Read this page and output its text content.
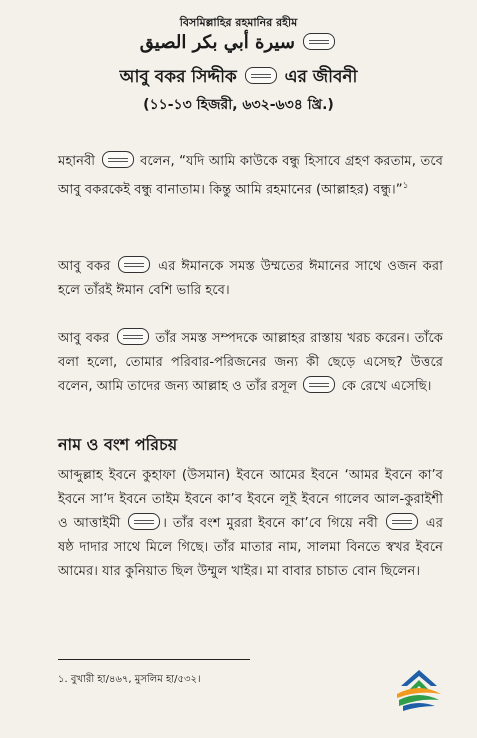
বিসমিল্লাহির রহমানির রহীম
سيرة أبي بكر الصيق
আবু বকর সিদ্দীক	এর জীবনী
(১১-১৩ হিজরী, ৬৩২-৬৩৪ খ্রি.)
মহানবী	বলেন, “যদি আমি কাউকে বন্ধু হিসাবে গ্রহণ করতাম, তবে আবু বকরকেই বন্ধু বানাতাম। কিন্তু আমি রহমানের (আল্লাহর) বন্ধু।”$^১$
আবু বকর	এর ঈমানকে সমস্ত উম্মতের ঈমানের সাথে ওজন করা হলে তাঁরই ঈমান বেশি ভারি হবে।
আবু বকর	তাঁর সমস্ত সম্পদকে আল্লাহর রাস্তায় খরচ করেন। তাঁকে বলা হলো, তোমার পরিবার-পরিজনের জন্য কী ছেড়ে এসেছ? উত্তরে বলেন, আমি তাদের জন্য আল্লাহ ও তাঁর রসূল	কে রেখে এসেছি।
নাম ও বংশ পরিচয়
আব্দুল্লাহ ইবনে কুহাফা (উসমান) ইবনে আমের ইবনে ‘আমর ইবনে কা’ব ইবনে সা’দ ইবনে তাইম ইবনে কা’ব ইবনে লূই ইবনে গালেব আল-কুরাইশী ও আত্তাইমী	। তাঁর বংশ মুররা ইবনে কা’বে গিয়ে নবী	এর ষষ্ঠ দাদার সাথে মিলে গিছে। তাঁর মাতার নাম, সালমা বিনতে স্বখর ইবনে আমের। যার কুনিয়াত ছিল উম্মুল খাইর। মা বাবার চাচাত বোন ছিলেন।
১. বুখারী হা/৪৬৭, মুসলিম হা/৫৩২।
